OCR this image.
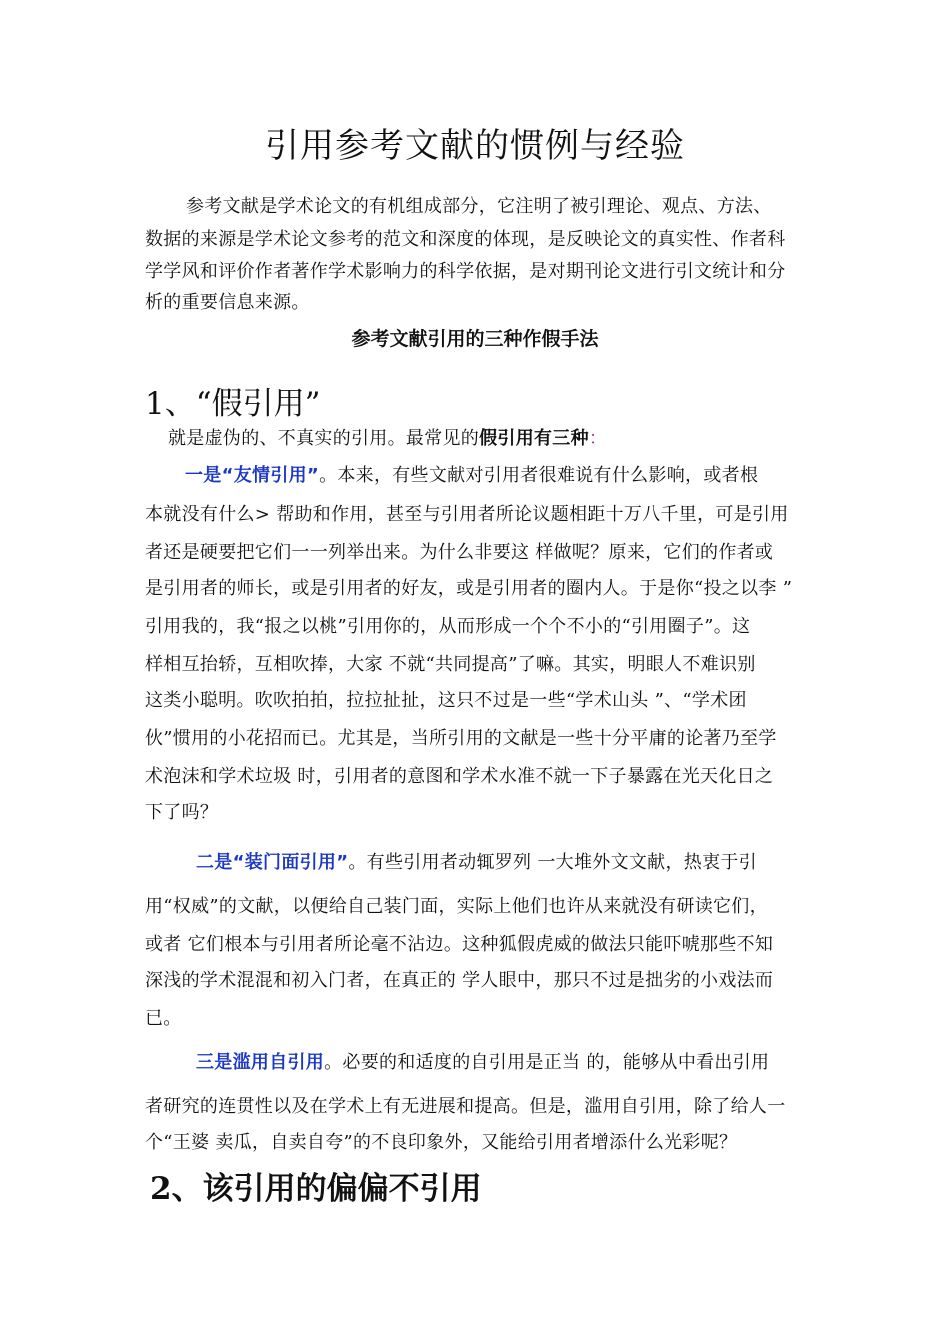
引用参考文献的惯例与经验
参考文献是学术论文的有机组成部分，它注明了被引理论、观点、方法、
数据的来源是学术论文参考的范文和深度的体现，是反映论文的真实性、作者科
学学风和评价作者著作学术影响力的科学依据，是对期刊论文进行引文统计和分
析的重要信息来源。
参考文献引用的三种作假手法
1、“假引用”
就是虚伪的、不真实的引用。最常见的假引用有三种：
一是“友情引用”。本来，有些文献对引用者很难说有什么影响，或者根
本就没有什么> 帮助和作用，甚至与引用者所论议题相距十万八千里，可是引用
者还是硬要把它们一一列举出来。为什么非要这 样做呢？原来，它们的作者或
是引用者的师长，或是引用者的好友，或是引用者的圈内人。于是你“投之以李 ”
引用我的，我“报之以桃”引用你的，从而形成一个个不小的“引用圈子”。这
样相互抬轿，互相吹捧，大家 不就“共同提高”了嘛。其实，明眼人不难识别
这类小聪明。吹吹拍拍，拉拉扯扯，这只不过是一些“学术山头 ”、“学术团
伙”惯用的小花招而已。尤其是，当所引用的文献是一些十分平庸的论著乃至学
术泡沫和学术垃圾 时，引用者的意图和学术水准不就一下子暴露在光天化日之
下了吗？
二是“装门面引用”。有些引用者动辄罗列 一大堆外文文献，热衷于引
用“权威”的文献，以便给自己装门面，实际上他们也许从来就没有研读它们，
或者 它们根本与引用者所论毫不沾边。这种狐假虎威的做法只能吓唬那些不知
深浅的学术混混和初入门者，在真正的 学人眼中，那只不过是拙劣的小戏法而
已。
三是滥用自引用。必要的和适度的自引用是正当 的，能够从中看出引用
者研究的连贯性以及在学术上有无进展和提高。但是，滥用自引用，除了给人一
个“王婆 卖瓜，自卖自夸”的不良印象外，又能给引用者增添什么光彩呢？
2、该引用的偏偏不引用
